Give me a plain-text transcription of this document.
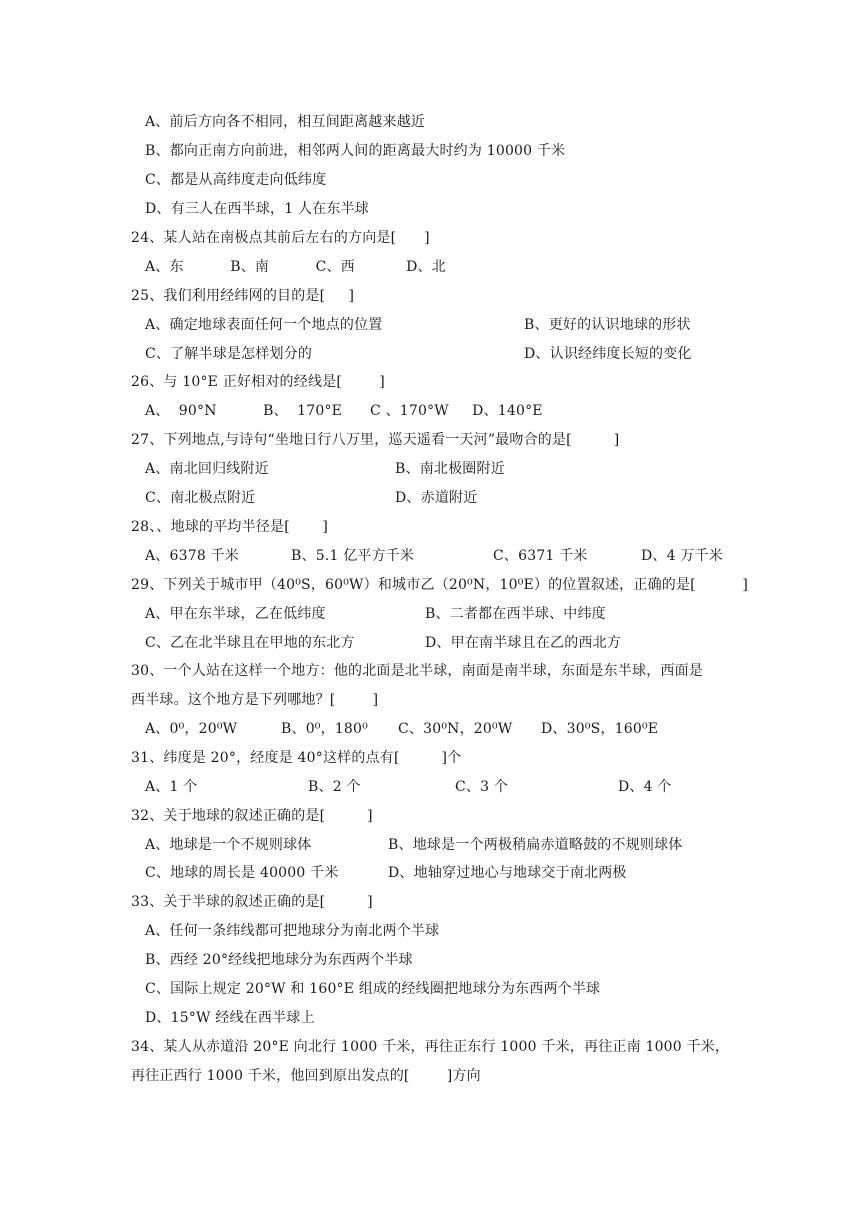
A、前后方向各不相同，相互间距离越来越近
B、都向正南方向前进，相邻两人间的距离最大时约为 10000 千米
C、都是从高纬度走向低纬度
D、有三人在西半球，1 人在东半球
24、某人站在南极点其前后左右的方向是[      ]
A、东          B、南          C、西           D、北
25、我们利用经纬网的目的是[     ]
A、确定地球表面任何一个地点的位置	B、更好的认识地球的形状
C、了解半球是怎样划分的	D、认识经纬度长短的变化
26、与 10°E 正好相对的经线是[        ]
A、  90°N          B、  170°E      C 、170°W     D、140°E
27、下列地点,与诗句“坐地日行八万里，巡天遥看一天河”最吻合的是[         ]
A、南北回归线附近	B、南北极圈附近
C、南北极点附近	D、赤道附近
28、、地球的平均半径是[       ]
A、6378 千米	B、5.1 亿平方千米	C、6371 千米	D、4 万千米
29、下列关于城市甲（40⁰S，60⁰W）和城市乙（20⁰N，10⁰E）的位置叙述，正确的是[          ]
A、甲在东半球，乙在低纬度	B、二者都在西半球、中纬度
C、乙在北半球且在甲地的东北方	D、甲在南半球且在乙的西北方
30、一个人站在这样一个地方：他的北面是北半球，南面是南半球，东面是东半球，西面是
西半球。这个地方是下列哪地？[        ]
A、0⁰，20⁰W	B、0⁰，180⁰ C、30⁰N，20⁰W D、30⁰S，160⁰E
31、纬度是 20°，经度是 40°这样的点有[         ]个
A、1 个	B、2 个	C、3 个	D、4 个
32、关于地球的叙述正确的是[         ]
A、地球是一个不规则球体	B、地球是一个两极稍扁赤道略鼓的不规则球体
C、地球的周长是 40000 千米	D、地轴穿过地心与地球交于南北两极
33、关于半球的叙述正确的是[         ]
A、任何一条纬线都可把地球分为南北两个半球
B、西经 20°经线把地球分为东西两个半球
C、国际上规定 20°W 和 160°E 组成的经线圈把地球分为东西两个半球
D、15°W 经线在西半球上
34、某人从赤道沿 20°E 向北行 1000 千米，再往正东行 1000 千米，再往正南 1000 千米，
再往正西行 1000 千米，他回到原出发点的[        ]方向
